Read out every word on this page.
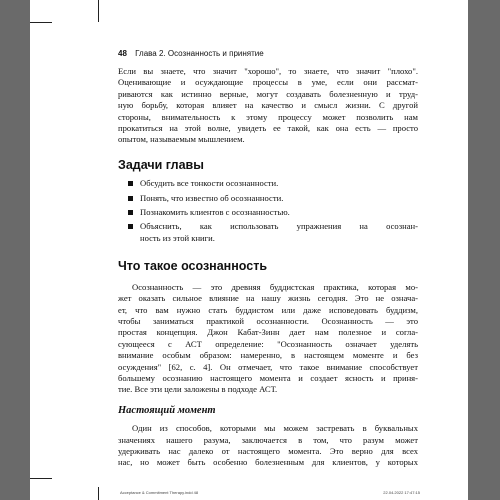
48 Глава 2. Осознанность и принятие

Если вы знаете, что значит "хорошо", то знаете, что значит "плохо".
Оценивающие и осуждающие процессы в уме, если они рассмат-
риваются как истинно верные, могут создавать болезненную и труд-
ную борьбу, которая влияет на качество и смысл жизни. С другой
стороны, внимательность к этому процессу может позволить нам
прокатиться на этой волне, увидеть ее такой, как она есть — просто
опытом, называемым мышлением.

Задачи главы
Обсудить все тонкости осознанности.
Понять, что известно об осознанности.
Познакомить клиентов с осознанностью.
Объяснить, как использовать упражнения на осознан-
ность из этой книги.
Что такое осознанность

Осознанность — это древняя буддистская практика, которая мо-
жет оказать сильное влияние на нашу жизнь сегодня. Это не означа-
ет, что вам нужно стать буддистом или даже исповедовать буддизм,
чтобы заниматься практикой осознанности. Осознанность — это
простая концепция. Джон Кабат-Зинн дает нам полезное и согла-
сующееся с АСТ определение: "Осознанность означает уделять
внимание особым образом: намеренно, в настоящем моменте и без
осуждения" [62, с. 4]. Он отмечает, что такое внимание способствует
большему осознанию настоящего момента и создает ясность и приня-
тие. Все эти цели заложены в подходе АСТ.

Настоящий момент

Один из способов, которыми мы можем застревать в буквальных
значениях нашего разума, заключается в том, что разум может
удерживать нас далеко от настоящего момента. Это верно для всех
нас, но может быть особенно болезненным для клиентов, у которых

Acceptance & Commitment Therapy.indd 48	22.04.2022 17:47:15
